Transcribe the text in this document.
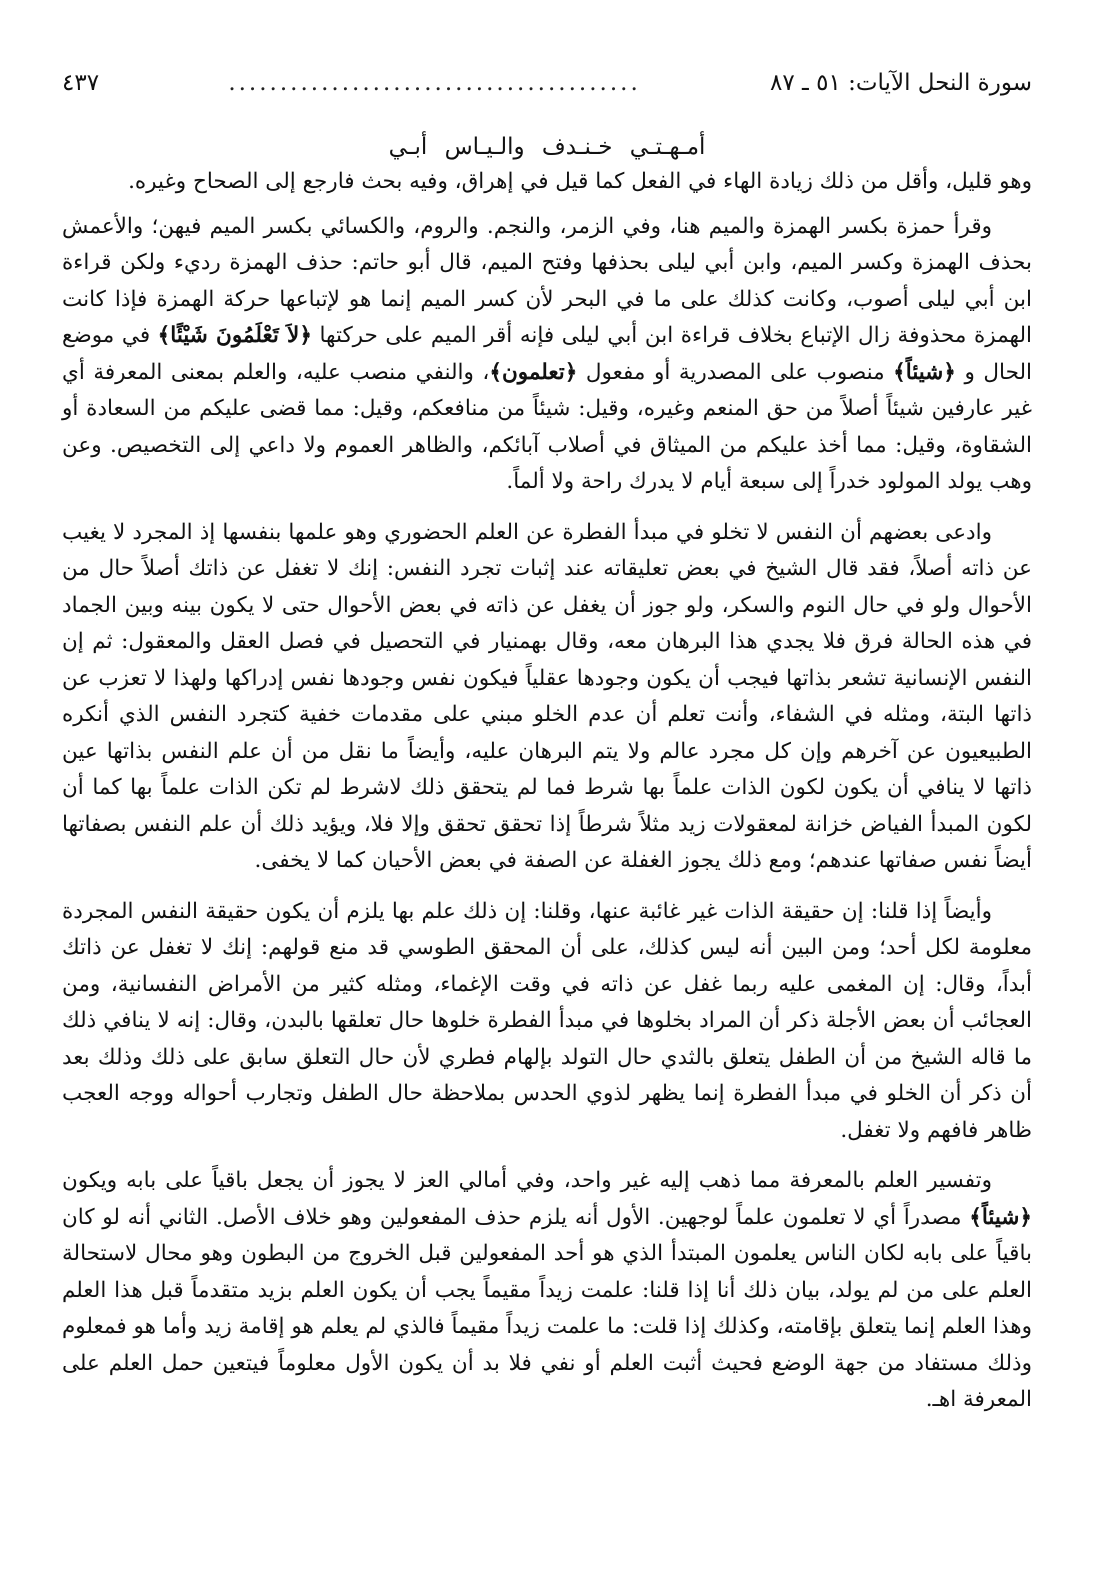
سورة النحل الآيات: ٥١ ـ ٨٧
........................................
٤٣٧
أمـهـتـي خـنـدف والـيـاس أبـي

وهو قليل، وأقل من ذلك زيادة الهاء في الفعل كما قيل في إهراق، وفيه بحث فارجع إلى الصحاح وغيره.

وقرأ حمزة بكسر الهمزة والميم هنا، وفي الزمر، والنجم. والروم، والكسائي بكسر الميم فيهن؛ والأعمش بحذف الهمزة وكسر الميم، وابن أبي ليلى بحذفها وفتح الميم، قال أبو حاتم: حذف الهمزة رديء ولكن قراءة ابن أبي ليلى أصوب، وكانت كذلك على ما في البحر لأن كسر الميم إنما هو لإتباعها حركة الهمزة فإذا كانت الهمزة محذوفة زال الإتباع بخلاف قراءة ابن أبي ليلى فإنه أقر الميم على حركتها ﴿لاَ تَعْلَمُونَ شَيْئًا﴾ في موضع الحال و ﴿شيئاً﴾ منصوب على المصدرية أو مفعول ﴿تعلمون﴾، والنفي منصب عليه، والعلم بمعنى المعرفة أي غير عارفين شيئاً أصلاً من حق المنعم وغيره، وقيل: شيئاً من منافعكم، وقيل: مما قضى عليكم من السعادة أو الشقاوة، وقيل: مما أخذ عليكم من الميثاق في أصلاب آبائكم، والظاهر العموم ولا داعي إلى التخصيص. وعن وهب يولد المولود خدراً إلى سبعة أيام لا يدرك راحة ولا ألماً.

وادعى بعضهم أن النفس لا تخلو في مبدأ الفطرة عن العلم الحضوري وهو علمها بنفسها إذ المجرد لا يغيب عن ذاته أصلاً، فقد قال الشيخ في بعض تعليقاته عند إثبات تجرد النفس: إنك لا تغفل عن ذاتك أصلاً حال من الأحوال ولو في حال النوم والسكر، ولو جوز أن يغفل عن ذاته في بعض الأحوال حتى لا يكون بينه وبين الجماد في هذه الحالة فرق فلا يجدي هذا البرهان معه، وقال بهمنيار في التحصيل في فصل العقل والمعقول: ثم إن النفس الإنسانية تشعر بذاتها فيجب أن يكون وجودها عقلياً فيكون نفس وجودها نفس إدراكها ولهذا لا تعزب عن ذاتها البتة، ومثله في الشفاء، وأنت تعلم أن عدم الخلو مبني على مقدمات خفية كتجرد النفس الذي أنكره الطبيعيون عن آخرهم وإن كل مجرد عالم ولا يتم البرهان عليه، وأيضاً ما نقل من أن علم النفس بذاتها عين ذاتها لا ينافي أن يكون لكون الذات علماً بها شرط فما لم يتحقق ذلك لاشرط لم تكن الذات علماً بها كما أن لكون المبدأ الفياض خزانة لمعقولات زيد مثلاً شرطاً إذا تحقق تحقق وإلا فلا، ويؤيد ذلك أن علم النفس بصفاتها أيضاً نفس صفاتها عندهم؛ ومع ذلك يجوز الغفلة عن الصفة في بعض الأحيان كما لا يخفى.

وأيضاً إذا قلنا: إن حقيقة الذات غير غائبة عنها، وقلنا: إن ذلك علم بها يلزم أن يكون حقيقة النفس المجردة معلومة لكل أحد؛ ومن البين أنه ليس كذلك، على أن المحقق الطوسي قد منع قولهم: إنك لا تغفل عن ذاتك أبداً، وقال: إن المغمى عليه ربما غفل عن ذاته في وقت الإغماء، ومثله كثير من الأمراض النفسانية، ومن العجائب أن بعض الأجلة ذكر أن المراد بخلوها في مبدأ الفطرة خلوها حال تعلقها بالبدن، وقال: إنه لا ينافي ذلك ما قاله الشيخ من أن الطفل يتعلق بالثدي حال التولد بإلهام فطري لأن حال التعلق سابق على ذلك وذلك بعد أن ذكر أن الخلو في مبدأ الفطرة إنما يظهر لذوي الحدس بملاحظة حال الطفل وتجارب أحواله ووجه العجب ظاهر فافهم ولا تغفل.

وتفسير العلم بالمعرفة مما ذهب إليه غير واحد، وفي أمالي العز لا يجوز أن يجعل باقياً على بابه ويكون ﴿شيئاً﴾ مصدراً أي لا تعلمون علماً لوجهين. الأول أنه يلزم حذف المفعولين وهو خلاف الأصل. الثاني أنه لو كان باقياً على بابه لكان الناس يعلمون المبتدأ الذي هو أحد المفعولين قبل الخروج من البطون وهو محال لاستحالة العلم على من لم يولد، بيان ذلك أنا إذا قلنا: علمت زيداً مقيماً يجب أن يكون العلم بزيد متقدماً قبل هذا العلم وهذا العلم إنما يتعلق بإقامته، وكذلك إذا قلت: ما علمت زيداً مقيماً فالذي لم يعلم هو إقامة زيد وأما هو فمعلوم وذلك مستفاد من جهة الوضع فحيث أثبت العلم أو نفي فلا بد أن يكون الأول معلوماً فيتعين حمل العلم على المعرفة اهـ.
